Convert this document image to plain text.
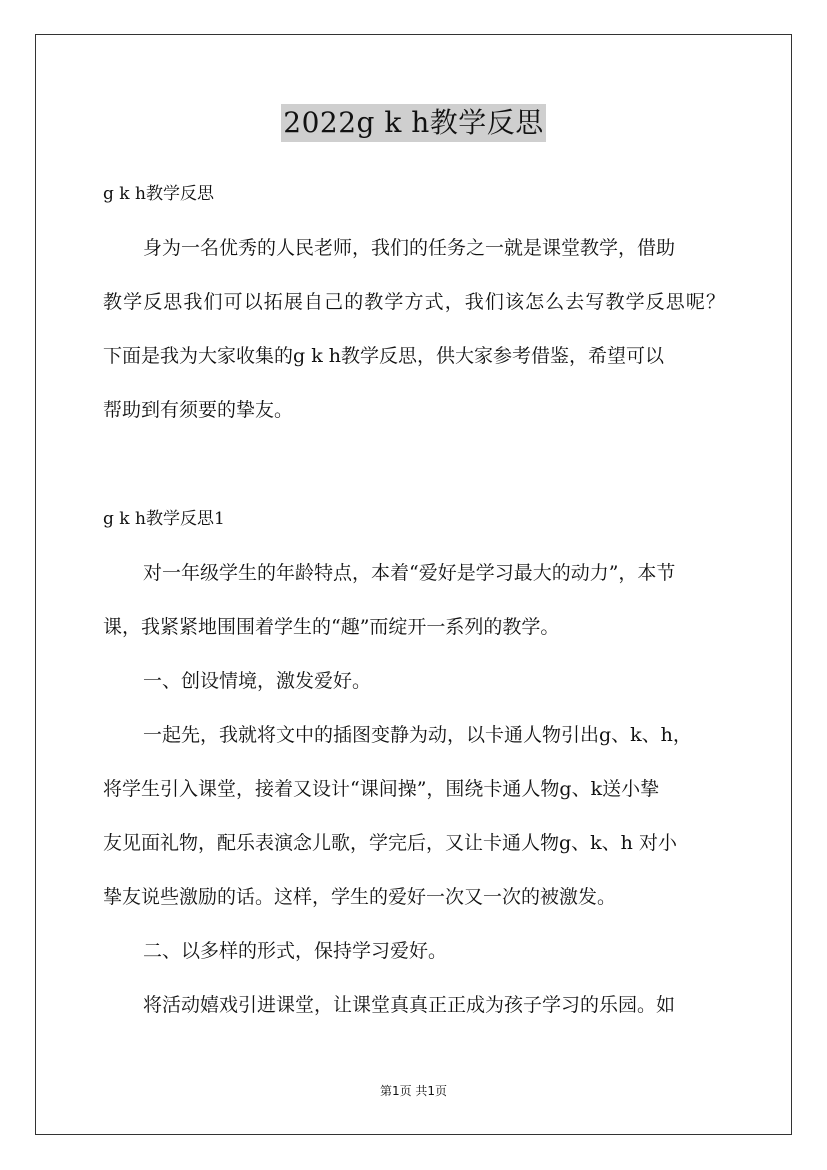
2022g k h教学反思
g k h教学反思
身为一名优秀的人民老师，我们的任务之一就是课堂教学，借助
教学反思我们可以拓展自己的教学方式，我们该怎么去写教学反思呢？
下面是我为大家收集的g k h教学反思，供大家参考借鉴，希望可以
帮助到有须要的挚友。
g k h教学反思1
对一年级学生的年龄特点，本着“爱好是学习最大的动力”，本节
课，我紧紧地围围着学生的“趣”而绽开一系列的教学。
一、创设情境，激发爱好。
一起先，我就将文中的插图变静为动，以卡通人物引出g、k、h，
将学生引入课堂，接着又设计“课间操”，围绕卡通人物g、k送小挚
友见面礼物，配乐表演念儿歌，学完后，又让卡通人物g、k、h 对小
挚友说些激励的话。这样，学生的爱好一次又一次的被激发。
二、以多样的形式，保持学习爱好。
将活动嬉戏引进课堂，让课堂真真正正成为孩子学习的乐园。如
第1页 共1页
